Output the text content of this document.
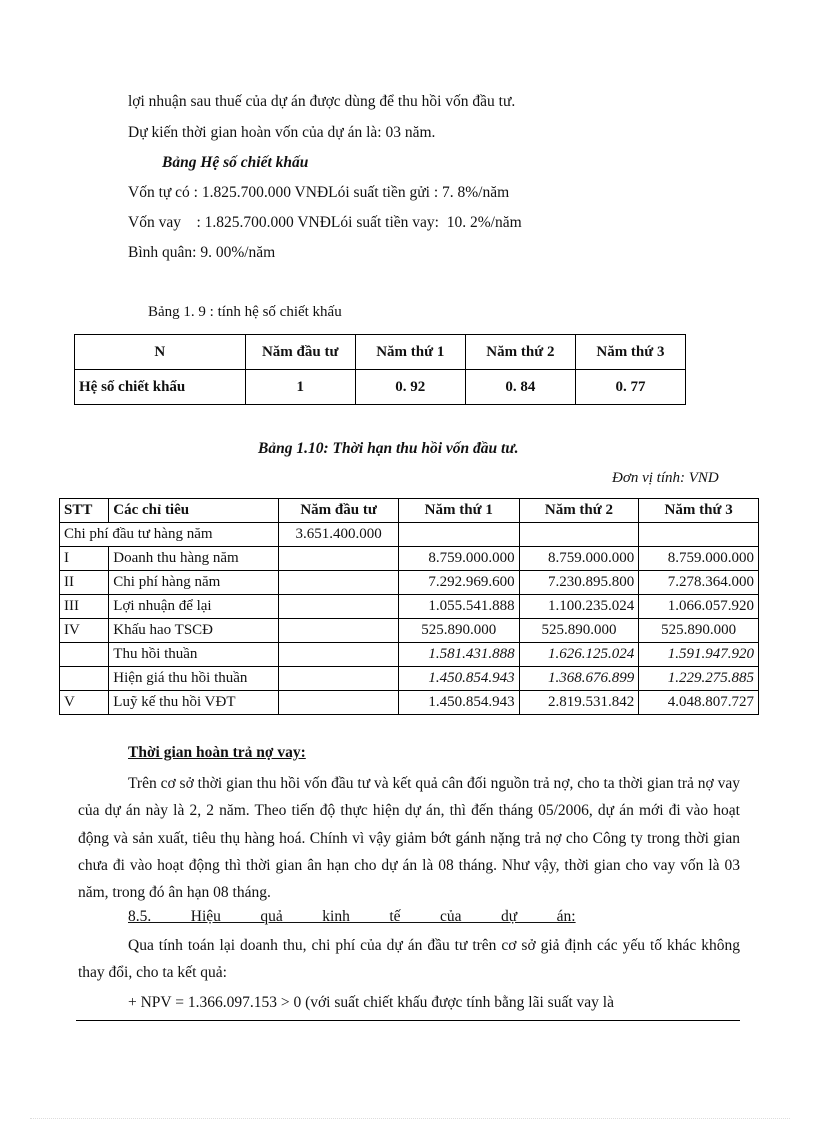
lợi nhuận sau thuế của dự án được dùng để thu hồi vốn đầu tư.
Dự kiến thời gian hoàn vốn của dự án là: 03 năm.
Bảng Hệ số chiết khấu
Vốn tự có : 1.825.700.000 VNĐLói suất tiền gửi : 7. 8%/năm
Vốn vay    : 1.825.700.000 VNĐLói suất tiền vay:  10. 2%/năm
Bình quân: 9. 00%/năm
Bảng 1. 9 : tính hệ số chiết khấu
N	Năm đầu tư	Năm thứ 1	Năm thứ 2	Năm thứ 3
Hệ số chiết khấu	1	0. 92	0. 84	0. 77
Bảng 1.10: Thời hạn thu hồi vốn đầu tư.
Đơn vị tính: VND
STT	Các chỉ tiêu	Năm đầu tư	Năm thứ 1	Năm thứ 2	Năm thứ 3
Chi phí đầu tư hàng năm		3.651.400.000			
I	Doanh thu hàng năm		8.759.000.000	8.759.000.000	8.759.000.000
II	Chi phí hàng năm		7.292.969.600	7.230.895.800	7.278.364.000
III	Lợi nhuận để lại		1.055.541.888	1.100.235.024	1.066.057.920
IV	Khấu hao TSCĐ		525.890.000	525.890.000	525.890.000
	Thu hồi thuần		1.581.431.888	1.626.125.024	1.591.947.920
	Hiện giá thu hồi thuần		1.450.854.943	1.368.676.899	1.229.275.885
V	Luỹ kế thu hồi VĐT		1.450.854.943	2.819.531.842	4.048.807.727
Thời gian hoàn trả nợ vay:
Trên cơ sở thời gian thu hồi vốn đầu tư và kết quả cân đối nguồn trả nợ, cho ta thời gian trả nợ vay của dự án này là 2, 2 năm. Theo tiến độ thực hiện dự án, thì đến tháng 05/2006, dự án mới đi vào hoạt động và sản xuất, tiêu thụ hàng hoá. Chính vì vậy giảm bớt gánh nặng trả nợ cho Công ty trong thời gian chưa đi vào hoạt động thì thời gian ân hạn cho dự án là 08 tháng. Như vậy, thời gian cho vay vốn là 03 năm, trong đó ân hạn 08 tháng.
8.5.    Hiệu    quả    kinh    tế    của    dự    án:
Qua tính toán lại doanh thu, chi phí của dự án đầu tư trên cơ sở giả định các yếu tố khác không thay đổi, cho ta kết quả:
+ NPV = 1.366.097.153 > 0 (với suất chiết khấu được tính bằng lãi suất vay là
